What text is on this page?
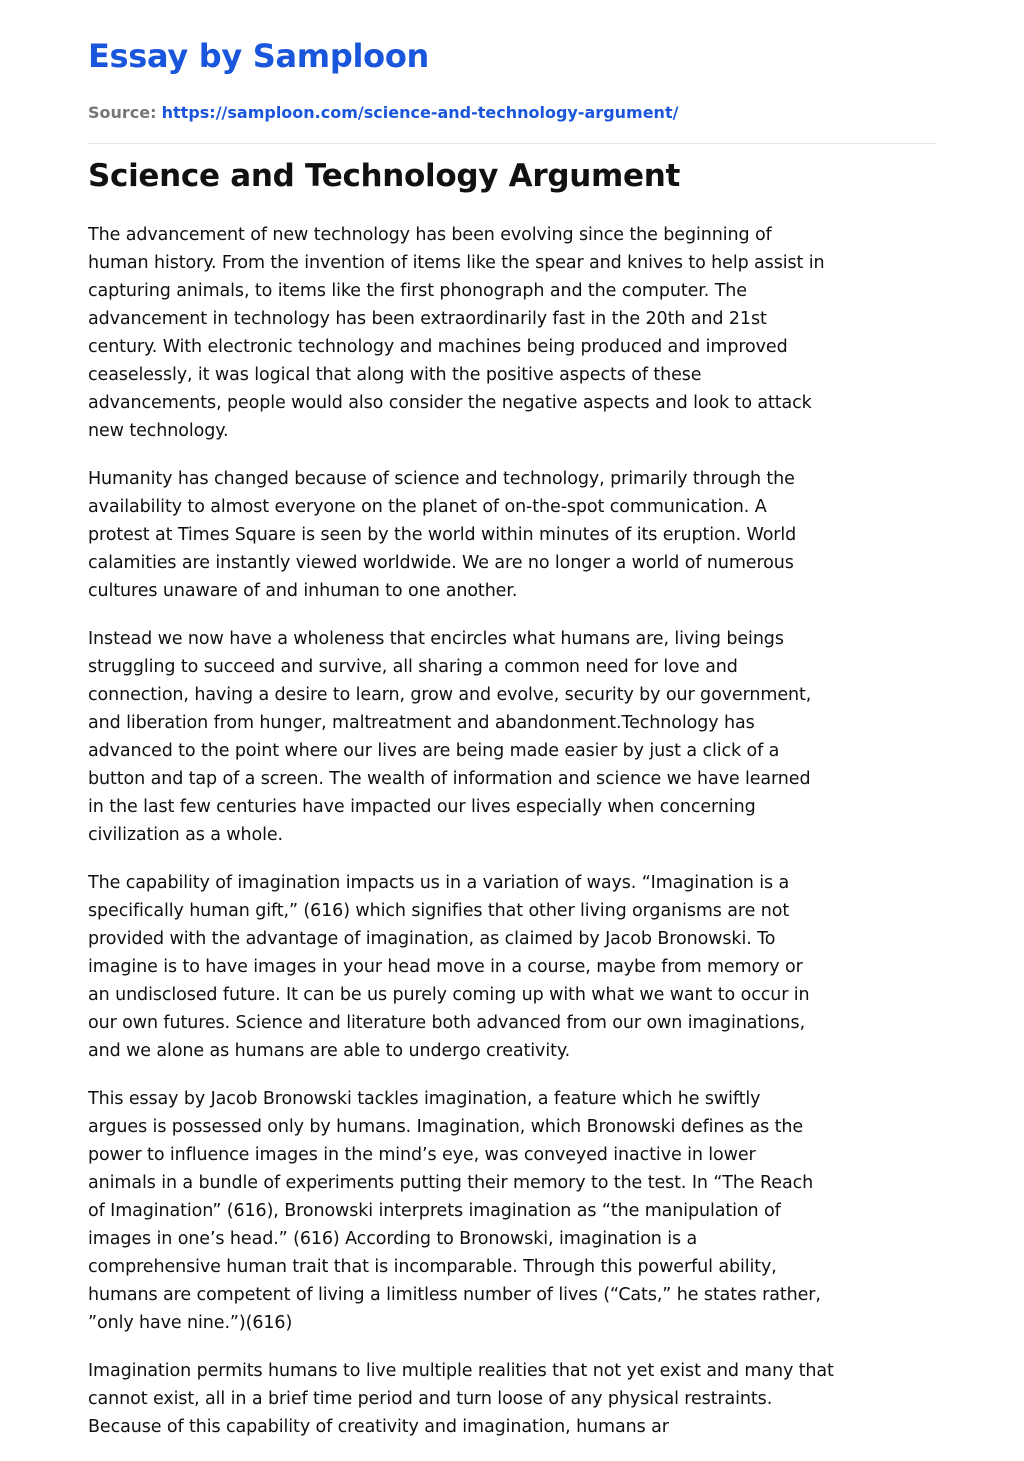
Essay by Samploon
Source: https://samploon.com/science-and-technology-argument/
Science and Technology Argument

The advancement of new technology has been evolving since the beginning of
human history. From the invention of items like the spear and knives to help assist in
capturing animals, to items like the first phonograph and the computer. The
advancement in technology has been extraordinarily fast in the 20th and 21st
century. With electronic technology and machines being produced and improved
ceaselessly, it was logical that along with the positive aspects of these
advancements, people would also consider the negative aspects and look to attack
new technology.

Humanity has changed because of science and technology, primarily through the
availability to almost everyone on the planet of on-the-spot communication. A
protest at Times Square is seen by the world within minutes of its eruption. World
calamities are instantly viewed worldwide. We are no longer a world of numerous
cultures unaware of and inhuman to one another.

Instead we now have a wholeness that encircles what humans are, living beings
struggling to succeed and survive, all sharing a common need for love and
connection, having a desire to learn, grow and evolve, security by our government,
and liberation from hunger, maltreatment and abandonment.Technology has
advanced to the point where our lives are being made easier by just a click of a
button and tap of a screen. The wealth of information and science we have learned
in the last few centuries have impacted our lives especially when concerning
civilization as a whole.

The capability of imagination impacts us in a variation of ways. “Imagination is a
specifically human gift,” (616) which signifies that other living organisms are not
provided with the advantage of imagination, as claimed by Jacob Bronowski. To
imagine is to have images in your head move in a course, maybe from memory or
an undisclosed future. It can be us purely coming up with what we want to occur in
our own futures. Science and literature both advanced from our own imaginations,
and we alone as humans are able to undergo creativity.

This essay by Jacob Bronowski tackles imagination, a feature which he swiftly
argues is possessed only by humans. Imagination, which Bronowski defines as the
power to influence images in the mind’s eye, was conveyed inactive in lower
animals in a bundle of experiments putting their memory to the test. In “The Reach
of Imagination” (616), Bronowski interprets imagination as “the manipulation of
images in one’s head.” (616) According to Bronowski, imagination is a
comprehensive human trait that is incomparable. Through this powerful ability,
humans are competent of living a limitless number of lives (“Cats,” he states rather,
”only have nine.”)(616)

Imagination permits humans to live multiple realities that not yet exist and many that
cannot exist, all in a brief time period and turn loose of any physical restraints.
Because of this capability of creativity and imagination, humans ar
